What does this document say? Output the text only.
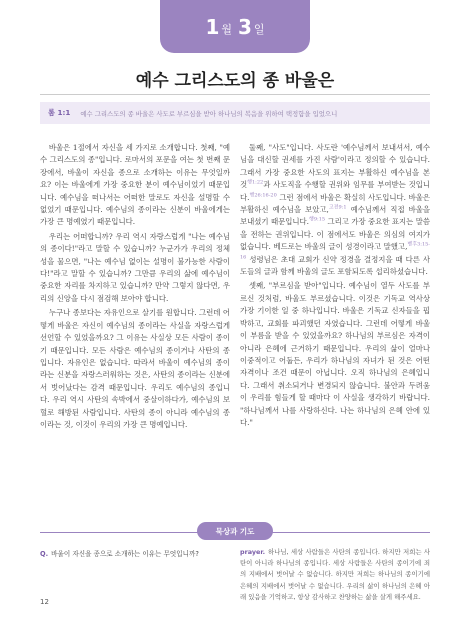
1 월 3 일
예수 그리스도의 종 바울은
롬 1:1 예수 그리스도의 종 바울은 사도로 부르심을 받아 하나님의 복음을 위하여 택정함을 입었으니

바울은 1절에서 자신을 세 가지로 소개합니다. 첫째, "예수 그리스도의 종"입니다. 로마서의 포문을 여는 첫 번째 문장에서, 바울이 자신을 종으로 소개하는 이유는 무엇일까요? 이는 바울에게 가장 중요한 분이 예수님이었기 때문입니다. 예수님을 떠나서는 어떠한 말로도 자신을 설명할 수 없었기 때문입니다. 예수님의 종이라는 신분이 바울에게는 가장 큰 명예였기 때문입니다.

우리는 어떠합니까? 우리 역시 자랑스럽게 "나는 예수님의 종이다!"라고 말할 수 있습니까? 누군가가 우리의 정체성을 물으면, "나는 예수님 없이는 설명이 불가능한 사람이다!"라고 말할 수 있습니까? 그만큼 우리의 삶에 예수님이 중요한 자리를 차지하고 있습니까? 만약 그렇지 않다면, 우리의 신앙을 다시 점검해 보아야 합니다.

누구나 종보다는 자유인으로 살기를 원합니다. 그런데 어떻게 바울은 자신이 예수님의 종이라는 사실을 자랑스럽게 선언할 수 있었을까요? 그 이유는 사실상 모든 사람이 종이기 때문입니다. 모든 사람은 예수님의 종이거나 사탄의 종입니다. 자유인은 없습니다. 따라서 바울이 예수님의 종이라는 신분을 자랑스러워하는 것은, 사탄의 종이라는 신분에서 벗어났다는 감격 때문입니다. 우리도 예수님의 종입니다. 우리 역시 사탄의 속박에서 중살이하다가, 예수님의 보혈로 해방된 사람입니다. 사탄의 종이 아니라 예수님의 종이라는 것, 이것이 우리의 가장 큰 명예입니다.

둘째, "사도"입니다. 사도란 '예수님께서 보내셔서, 예수님을 대신할 권세를 가진 사람'이라고 정의할 수 있습니다. 그래서 가장 중요한 사도의 표지는 부활하신 예수님을 본 것$^{행1:22}$과 사도직을 수행할 권위와 임무를 부여받는 것입니다.$^{행26:16-20}$ 그런 점에서 바울은 확실히 사도입니다. 바울은 부활하신 예수님을 보았고,$^{고전9:1}$ 예수님께서 직접 바울을 보내셨기 때문입니다.$^{행9:15}$ 그리고 가장 중요한 표지는 말씀을 전하는 권위입니다. 이 점에서도 바울은 의심의 여지가 없습니다. 베드로는 바울의 글이 성경이라고 말했고,$^{벧후3:15-16}$ 성령님은 초대 교회가 신약 정경을 결정지을 때 다른 사도들의 글과 함께 바울의 글도 포함되도록 섭리하셨습니다.

셋째, "부르심을 받아"입니다. 예수님이 열두 사도를 부르신 것처럼, 바울도 부르셨습니다. 이것은 기독교 역사상 가장 기이한 일 중 하나입니다. 바울은 기독교 신자들을 핍박하고, 교회를 파괴했던 자였습니다. 그런데 어떻게 바울이 부름을 받을 수 있었을까요? 하나님의 부르심은 자격이 아니라 은혜에 근거하기 때문입니다. 우리의 삶이 얼마나 이중적이고 어둡든, 우리가 하나님의 자녀가 된 것은 어떤 자격이나 조건 때문이 아닙니다. 오직 하나님의 은혜입니다. 그래서 취소되거나 변경되지 않습니다. 불안과 두려움이 우리를 힘들게 할 때마다 이 사실을 생각하기 바랍니다. "하나님께서 나를 사랑하신다. 나는 하나님의 은혜 안에 있다."

묵상과 기도
Q. 바울이 자신을 종으로 소개하는 이유는 무엇입니까?	prayer. 하나님, 세상 사람들은 사탄의 종입니다. 하지만 저희는 사탄이 아니라 하나님의 종입니다. 세상 사람들은 사탄의 종이기에 죄의 지배에서 벗어날 수 없습니다. 하지만 저희는 하나님의 종이기에 은혜의 지배에서 벗어날 수 없습니다. 우리의 삶이 하나님의 은혜 아래 있음을 기억하고, 항상 감사하고 찬양하는 삶을 살게 해주세요.
12
